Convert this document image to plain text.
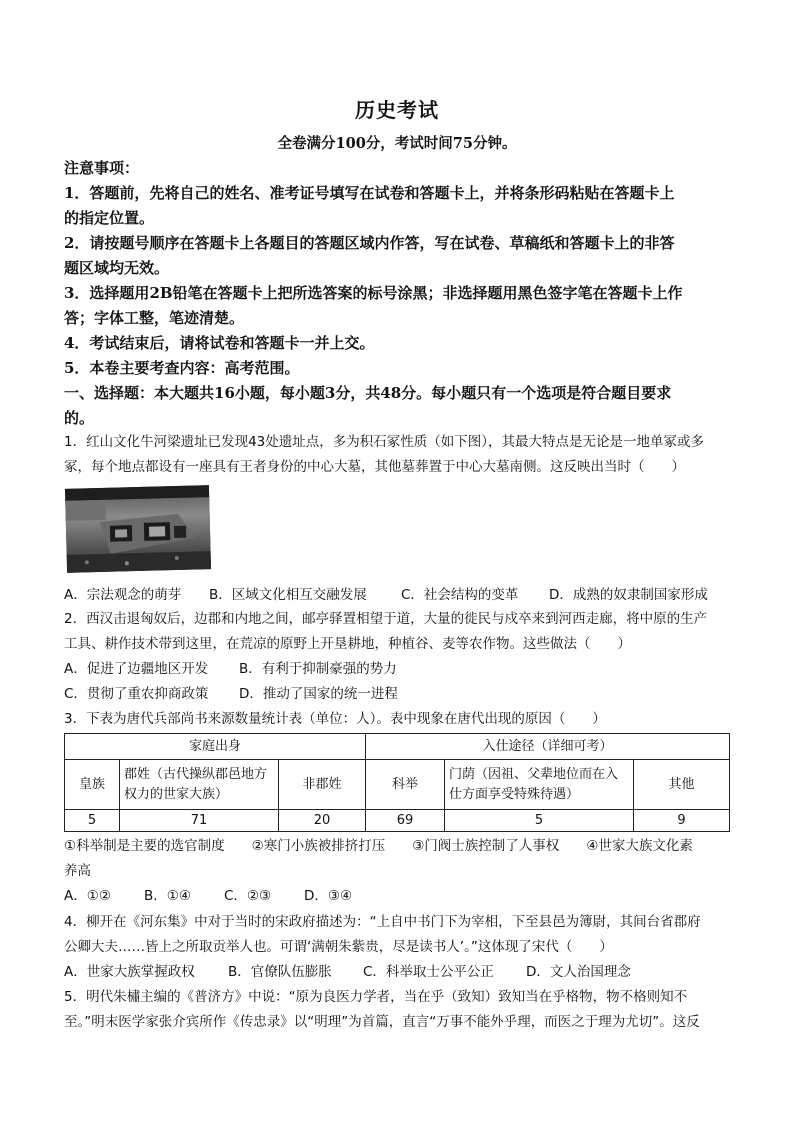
历史考试
全卷满分100分，考试时间75分钟。
注意事项：
1．答题前，先将自己的姓名、准考证号填写在试卷和答题卡上，并将条形码粘贴在答题卡上
的指定位置。
2．请按题号顺序在答题卡上各题目的答题区域内作答，写在试卷、草稿纸和答题卡上的非答
题区域均无效。
3．选择题用2B铅笔在答题卡上把所选答案的标号涂黑；非选择题用黑色签字笔在答题卡上作
答；字体工整，笔迹清楚。
4．考试结束后，请将试卷和答题卡一并上交。
5．本卷主要考查内容：高考范围。
一、选择题：本大题共16小题，每小题3分，共48分。每小题只有一个选项是符合题目要求
的。
1．红山文化牛河梁遗址已发现43处遗址点，多为积石冢性质（如下图），其最大特点是无论是一地单冢或多
冢，每个地点都设有一座具有王者身份的中心大墓，其他墓葬置于中心大墓南侧。这反映出当时（　　）
A．宗法观念的萌芽	B．区域文化相互交融发展	C．社会结构的变革	D．成熟的奴隶制国家形成
2．西汉击退匈奴后，边郡和内地之间，邮亭驿置相望于道，大量的徙民与戍卒来到河西走廊，将中原的生产
工具、耕作技术带到这里，在荒凉的原野上开垦耕地，种植谷、麦等农作物。这些做法（　　）
A．促进了边疆地区开发	B．有利于抑制豪强的势力
C．贯彻了重农抑商政策	D．推动了国家的统一进程
3．下表为唐代兵部尚书来源数量统计表（单位：人）。表中现象在唐代出现的原因（　　）
家庭出身			入仕途径（详细可考）		
皇族	郡姓（古代操纵郡邑地方权力的世家大族）	非郡姓	科举	门荫（因祖、父辈地位而在入仕方面享受特殊待遇）	其他
5	71	20	69	5	9
①科举制是主要的选官制度　　②寒门小族被排挤打压　　③门阀士族控制了人事权　　④世家大族文化素
养高
A．①②	B．①④	C．②③	D．③④
4．柳开在《河东集》中对于当时的宋政府描述为：“上自中书门下为宰相，下至县邑为簿尉，其间台省郡府
公卿大夫……皆上之所取贡举人也。可谓‘满朝朱紫贵，尽是读书人’。”这体现了宋代（　　）
A．世家大族掌握政权	B．官僚队伍膨胀	C．科举取士公平公正	D．文人治国理念
5．明代朱橚主编的《普济方》中说：“原为良医力学者，当在乎（致知）致知当在乎格物，物不格则知不
至。”明末医学家张介宾所作《传忠录》以“明理”为首篇，直言“万事不能外乎理，而医之于理为尤切”。这反
